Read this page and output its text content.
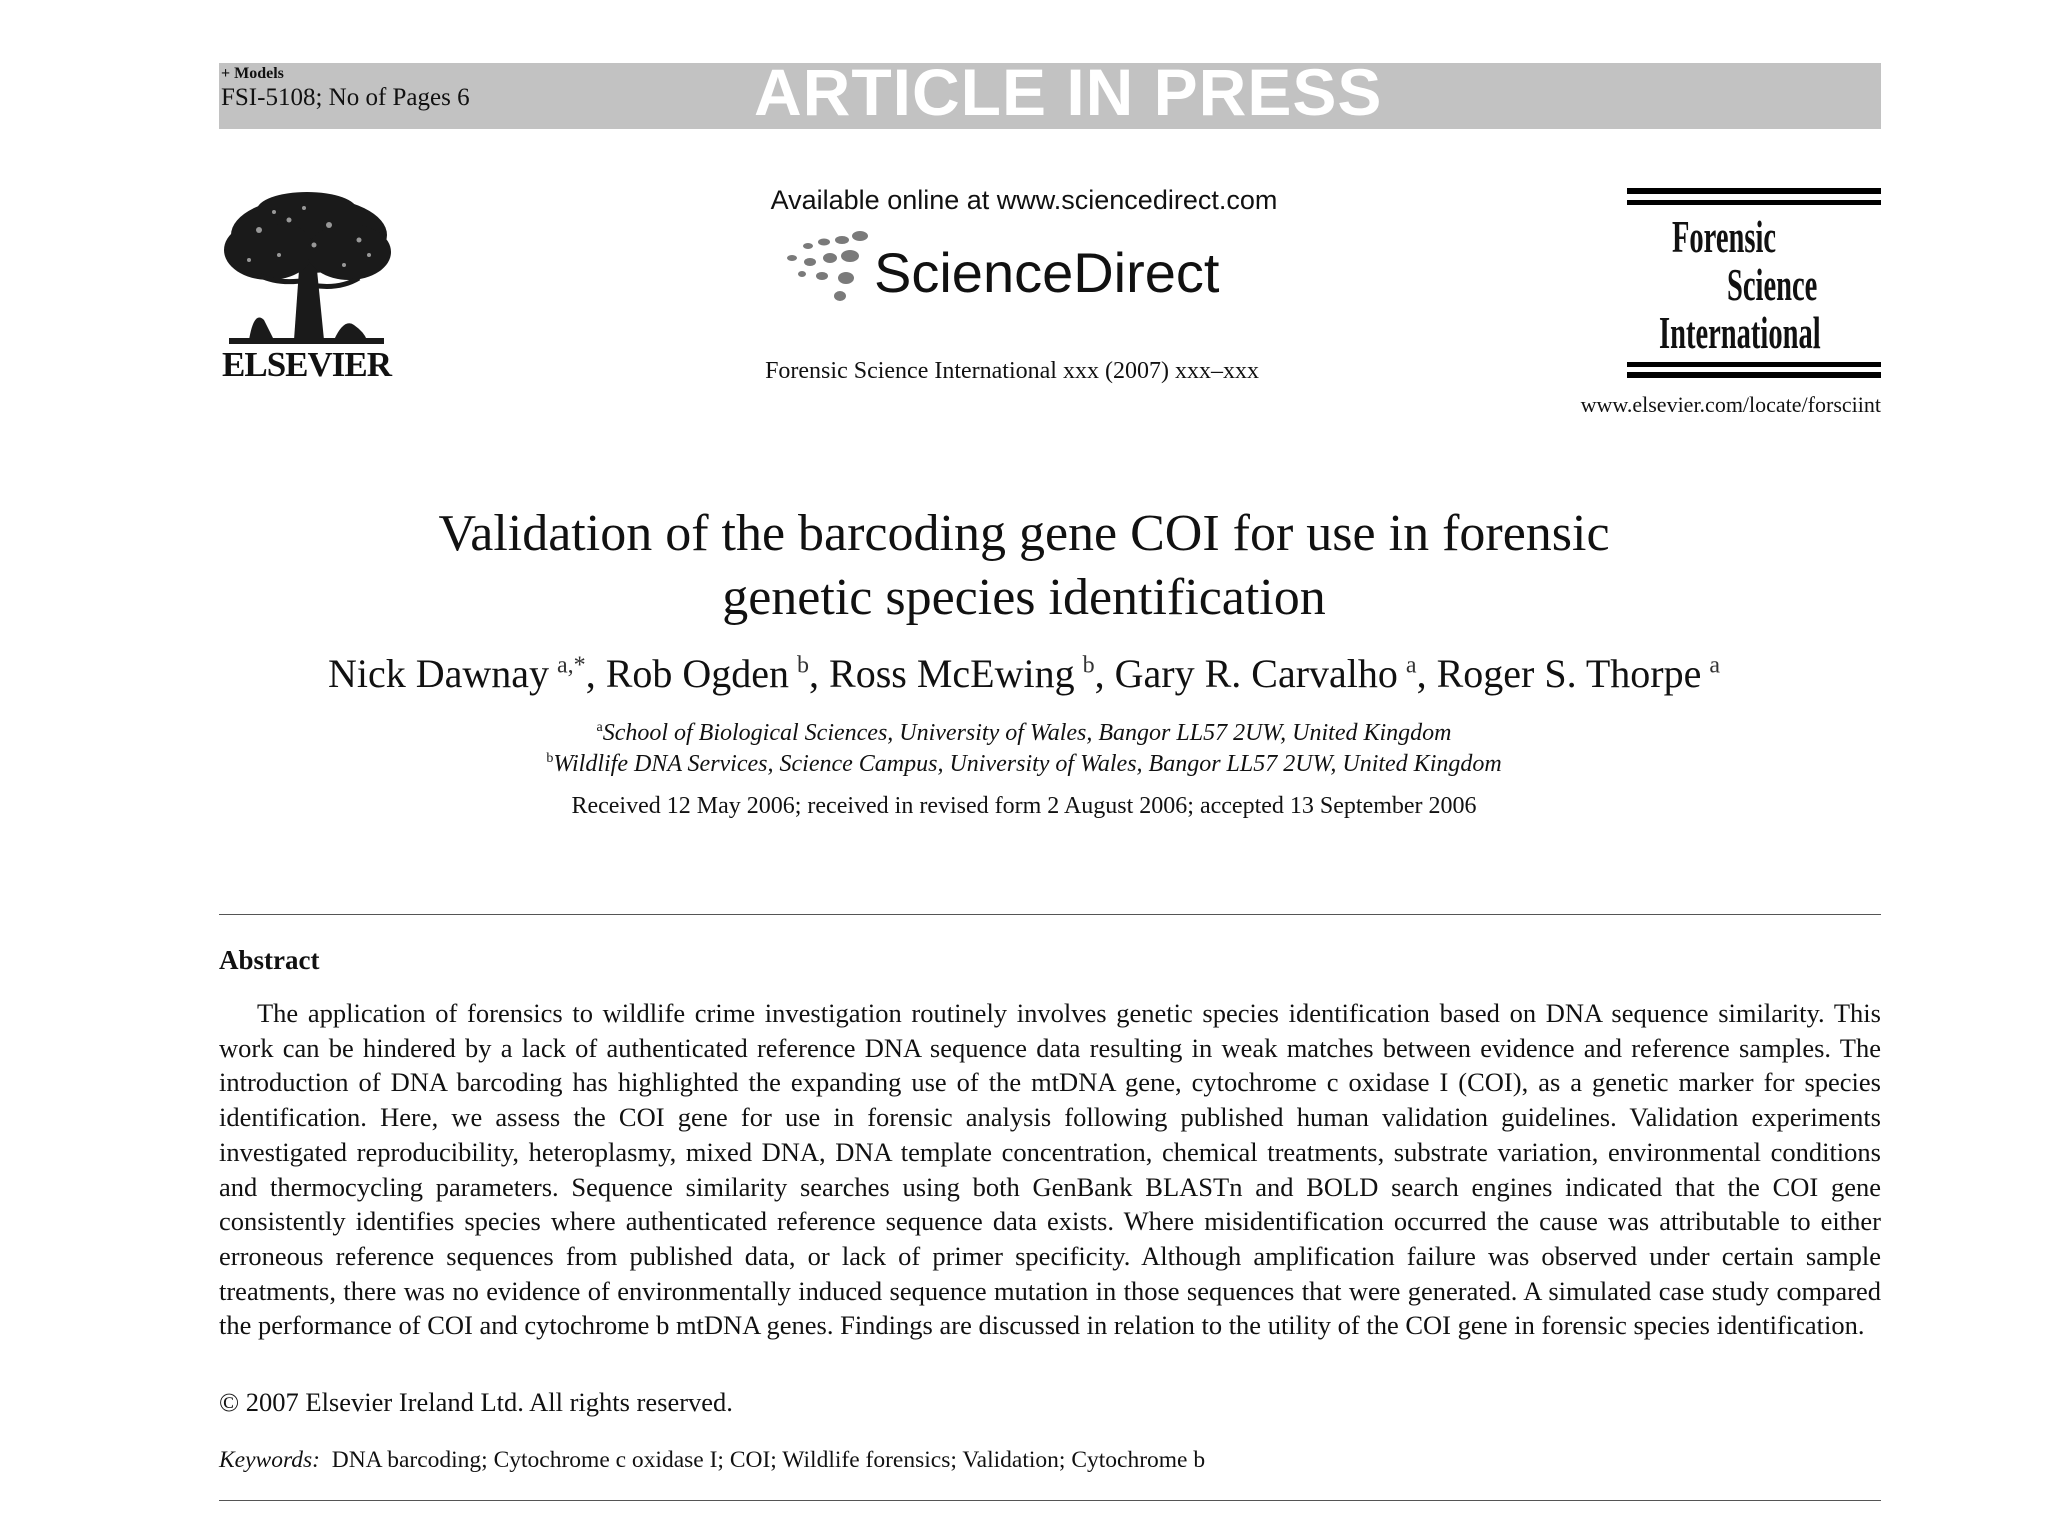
+ Models
FSI-5108; No of Pages 6	ARTICLE IN PRESS
ELSEVIER
Available online at www.sciencedirect.com
ScienceDirect
Forensic Science International xxx (2007) xxx–xxx
Forensic
Science
International
www.elsevier.com/locate/forsciint
Validation of the barcoding gene COI for use in forensic
genetic species identification
Nick Dawnay  $^{a,*}$, Rob Ogden  $^b$, Ross McEwing  $^b$, Gary R. Carvalho  $^a$, Roger S. Thorpe  $^a$
$^a$School of Biological Sciences, University of Wales, Bangor LL57 2UW, United Kingdom
$^b$Wildlife DNA Services, Science Campus, University of Wales, Bangor LL57 2UW, United Kingdom
Received 12 May 2006; received in revised form 2 August 2006; accepted 13 September 2006
Abstract
The application of forensics to wildlife crime investigation routinely involves genetic species identification based on DNA sequence similarity. This work can be hindered by a lack of authenticated reference DNA sequence data resulting in weak matches between evidence and reference samples. The introduction of DNA barcoding has highlighted the expanding use of the mtDNA gene, cytochrome c oxidase I (COI), as a genetic marker for species identification. Here, we assess the COI gene for use in forensic analysis following published human validation guidelines. Validation experiments investigated reproducibility, heteroplasmy, mixed DNA, DNA template concentration, chemical treatments, substrate variation, environmental conditions and thermocycling parameters. Sequence similarity searches using both GenBank BLASTn and BOLD search engines indicated that the COI gene consistently identifies species where authenticated reference sequence data exists. Where misidentification occurred the cause was attributable to either erroneous reference sequences from published data, or lack of primer specificity. Although amplification failure was observed under certain sample treatments, there was no evidence of environmentally induced sequence mutation in those sequences that were generated. A simulated case study compared the performance of COI and cytochrome b mtDNA genes. Findings are discussed in relation to the utility of the COI gene in forensic species identification.
© 2007 Elsevier Ireland Ltd. All rights reserved.
Keywords: DNA barcoding; Cytochrome c oxidase I; COI; Wildlife forensics; Validation; Cytochrome b
